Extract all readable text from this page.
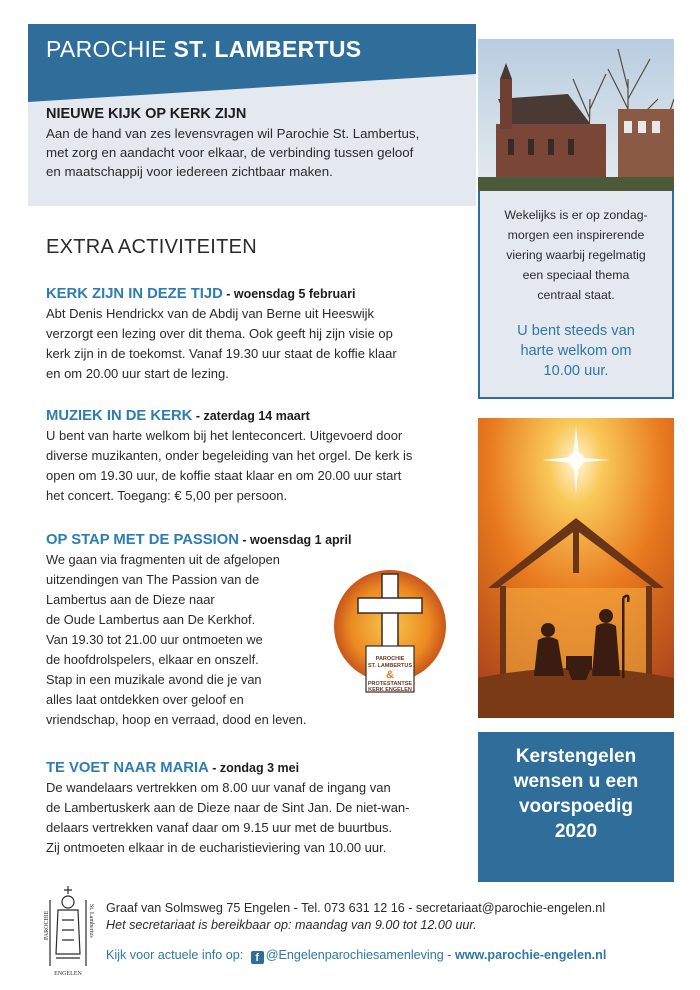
PAROCHIE ST. LAMBERTUS
NIEUWE KIJK OP KERK ZIJN

Aan de hand van zes levensvragen wil Parochie St. Lambertus,
met zorg en aandacht voor elkaar, de verbinding tussen geloof
en maatschappij voor iedereen zichtbaar maken.

Wekelijks is er op zondag-
morgen een inspirerende
viering waarbij regelmatig
een speciaal thema
centraal staat.
U bent steeds van
harte welkom om
10.00 uur.
EXTRA ACTIVITEITEN
KERK ZIJN IN DEZE TIJD - woensdag 5 februari

Abt Denis Hendrickx van de Abdij van Berne uit Heeswijk
verzorgt een lezing over dit thema. Ook geeft hij zijn visie op
kerk zijn in de toekomst. Vanaf 19.30 uur staat de koffie klaar
en om 20.00 uur start de lezing.

MUZIEK IN DE KERK - zaterdag 14 maart

U bent van harte welkom bij het lenteconcert. Uitgevoerd door
diverse muzikanten, onder begeleiding van het orgel. De kerk is
open om 19.30 uur, de koffie staat klaar en om 20.00 uur start
het concert. Toegang: € 5,00 per persoon.

OP STAP MET DE PASSION - woensdag 1 april

We gaan via fragmenten uit de afgelopen
uitzendingen van The Passion van de
Lambertus aan de Dieze naar
de Oude Lambertus aan De Kerkhof.
Van 19.30 tot 21.00 uur ontmoeten we
de hoofdrolspelers, elkaar en onszelf.
Stap in een muzikale avond die je van
alles laat ontdekken over geloof en
vriendschap, hoop en verraad, dood en leven.

PAROCHIE
ST. LAMBERTUS
&
PROTESTANTSE
KERK ENGELEN
TE VOET NAAR MARIA - zondag 3 mei

De wandelaars vertrekken om 8.00 uur vanaf de ingang van
de Lambertuskerk aan de Dieze naar de Sint Jan. De niet-wan-
delaars vertrekken vanaf daar om 9.15 uur met de buurtbus.
Zij ontmoeten elkaar in de eucharistieviering van 10.00 uur.

Kerstengelen
wensen u een
voorspoedig
2020
PAROCHIE	St. Lambertus
ENGELEN
Graaf van Solmsweg 75 Engelen - Tel. 073 631 12 16 - secretariaat@parochie-engelen.nl
Het secretariaat is bereikbaar op: maandag van 9.00 tot 12.00 uur.
Kijk voor actuele info op: f @Engelenparochiesamenleving - www.parochie-engelen.nl
